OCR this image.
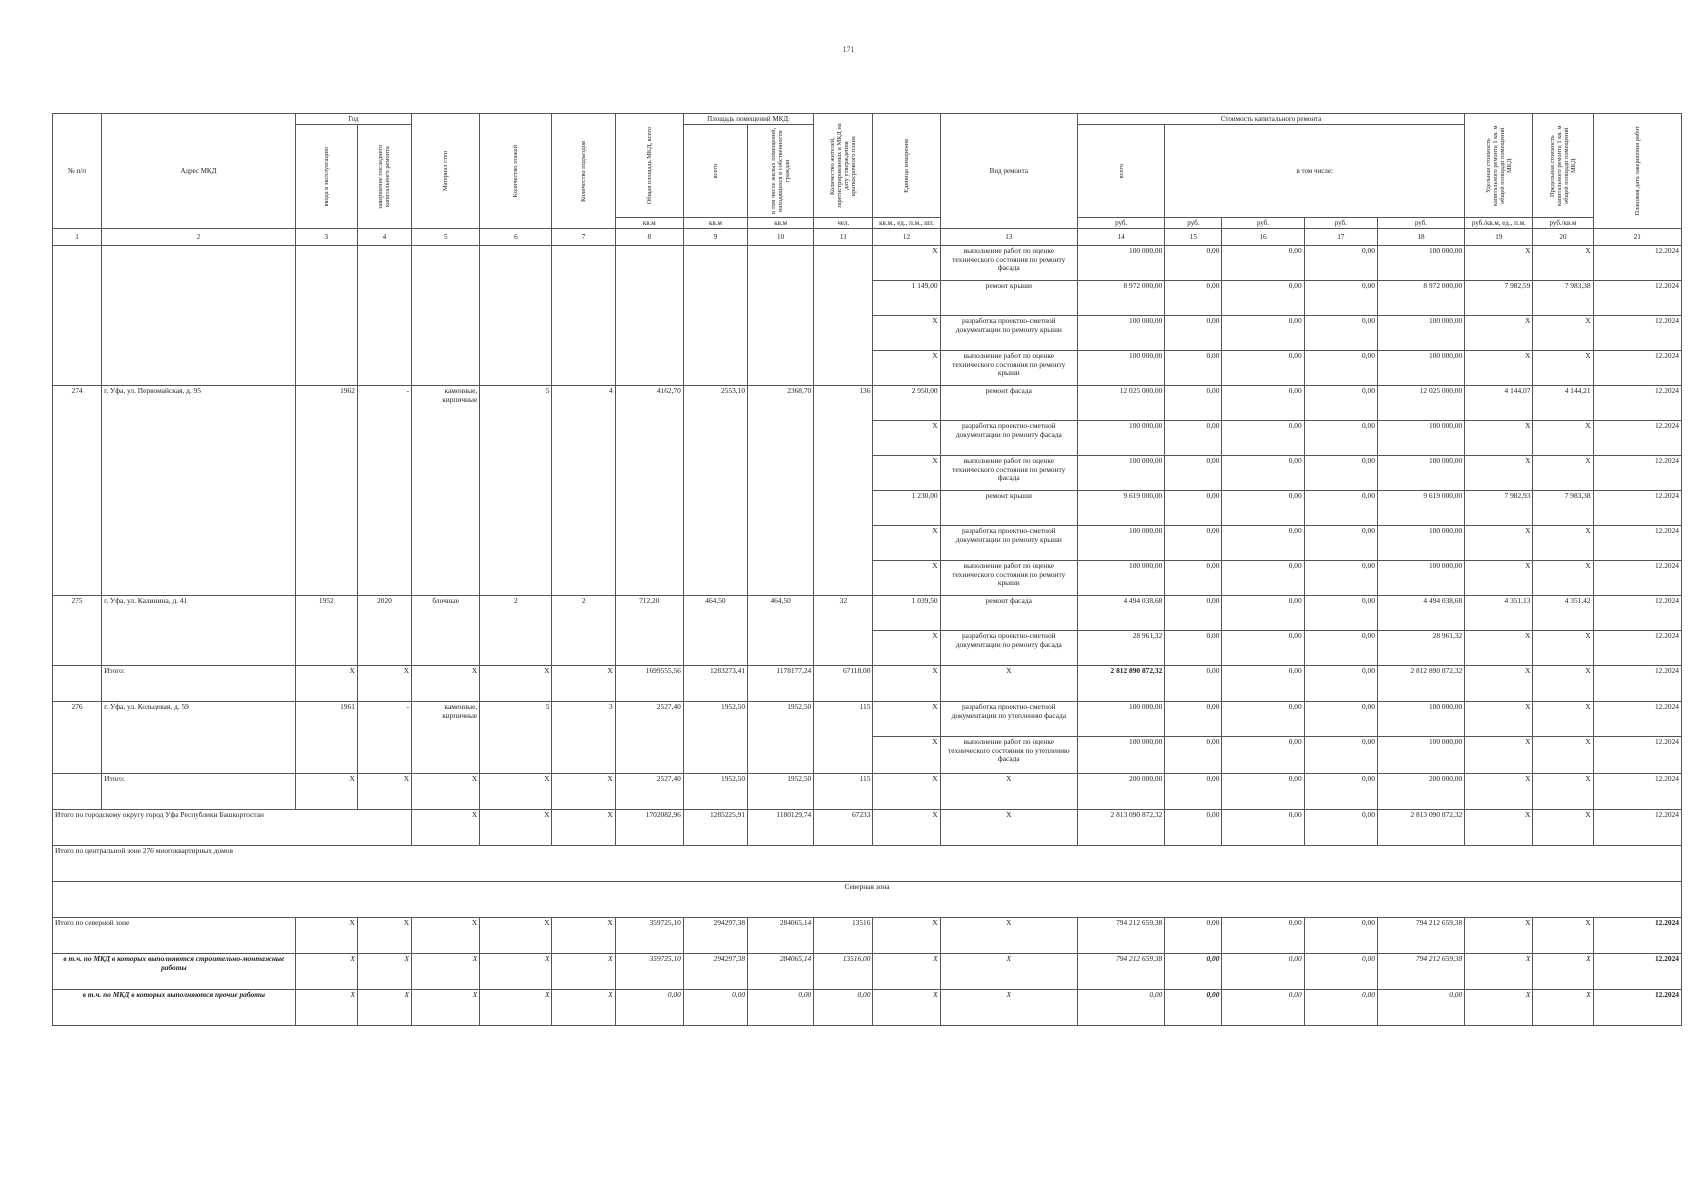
171
№ п/п	Адрес МКД	Год		Материал стен	Количество этажей	Количество подъездов	Общая площадь МКД, всего	Площадь помещений МКД:		Количество жителей, зарегистрированных в МКД на дату утверждения краткосрочного плана	Единица измерения	Вид ремонта	Стоимость капитального ремонта					Удельная стоимость капитального ремонта 1 кв. м общей площади помещений МКД	Предельная стоимость капитального ремонта 1 кв. м общей площади помещений МКД	Плановая дата завершения работ

		ввода в эксплуатацию	завершение последнего капитального ремонта					всего	в том числе жилых помещений, находящихся в собственности граждан				всего	в том числе:						
							кв.м	кв.м	кв.м	чел.	кв.м., ед., п.м., шт.		руб.	руб.	руб.	руб.	руб.	руб./кв.м, ед., п.м.	руб./кв.м	
1	2	3	4	5	6	7	8	9	10	11	12	13	14	15	16	17	18	19	20	21
											X	выполнение работ по оценке технического состояния по ремонту фасада	100 000,00	0,00	0,00	0,00	100 000,00	X	X	12.2024
											1 149,00	ремонт крыши	8 972 000,00	0,00	0,00	0,00	8 972 000,00	7 982,59	7 983,38	12.2024
											X	разработка проектно-сметной документации по ремонту крыши	100 000,00	0,00	0,00	0,00	100 000,00	X	X	12.2024
											X	выполнение работ по оценке технического состояния по ремонту крыши	100 000,00	0,00	0,00	0,00	100 000,00	X	X	12.2024
274	г. Уфа, ул. Первомайская, д. 95	1962	-	каменные, кирпичные	5	4	4162,70	2553,10	2368,70	136	2 950,00	ремонт фасада	12 025 000,00	0,00	0,00	0,00	12 025 000,00	4 144,07	4 144,21	12.2024
											X	разработка проектно-сметной документации по ремонту фасада	100 000,00	0,00	0,00	0,00	100 000,00	X	X	12.2024
											X	выполнение работ по оценке технического состояния по ремонту фасада	100 000,00	0,00	0,00	0,00	100 000,00	X	X	12.2024
											1 230,00	ремонт крыши	9 619 000,00	0,00	0,00	0,00	9 619 000,00	7 982,93	7 983,38	12.2024
											X	разработка проектно-сметной документации по ремонту крыши	100 000,00	0,00	0,00	0,00	100 000,00	X	X	12.2024
											X	выполнение работ по оценке технического состояния по ремонту крыши	100 000,00	0,00	0,00	0,00	100 000,00	X	X	12.2024
275	г. Уфа, ул. Калинина, д. 41	1952	2020	блочные	2	2	712,20	464,50	464,50	32	1 039,50	ремонт фасада	4 494 038,68	0,00	0,00	0,00	4 494 038,68	4 351,13	4 351,42	12.2024
											X	разработка проектно-сметной документации по ремонту фасада	28 961,32	0,00	0,00	0,00	28 961,32	X	X	12.2024
	Итого:	X	X	X	X	X	1699555,56	1283273,41	1178177,24	67118,00	X	X	2 812 890 872,32	0,00	0,00	0,00	2 812 890 872,32	X	X	12.2024
276	г. Уфа, ул. Кольцевая, д. 59	1961	-	каменные, кирпичные	5	3	2527,40	1952,50	1952,50	115	X	разработка проектно-сметной документации по утеплению фасада	100 000,00	0,00	0,00	0,00	100 000,00	X	X	12.2024
											X	выполнение работ по оценке технического состояния по утеплению фасада	100 000,00	0,00	0,00	0,00	100 000,00	X	X	12.2024
	Итого:	X	X	X	X	X	2527,40	1952,50	1952,50	115	X	X	200 000,00	0,00	0,00	0,00	200 000,00	X	X	12.2024
Итого по городскому округу город Уфа Республики Башкортостан				X	X	X	1702082,96	1285225,91	1180129,74	67233	X	X	2 813 090 872,32	0,00	0,00	0,00	2 813 090 872,32	X	X	12.2024
Итого по центральной зоне 276 многоквартирных домов																				
Северная зона																				
Итого по северной зоне		X	X	X	X	X	359725,10	294297,38	284065,14	13516	X	X	794 212 659,38	0,00	0,00	0,00	794 212 659,38	X	X	12.2024
в т.ч. по МКД в которых выполняются строительно-монтажные работы		X	X	X	X	X	359725,10	294297,38	284065,14	13516,00	X	X	794 212 659,38	0,00	0,00	0,00	794 212 659,38	X	X	12.2024
в т.ч. по МКД в которых выполняются прочие работы		X	X	X	X	X	0,00	0,00	0,00	0,00	X	X	0,00	0,00	0,00	0,00	0,00	X	X	12.2024
